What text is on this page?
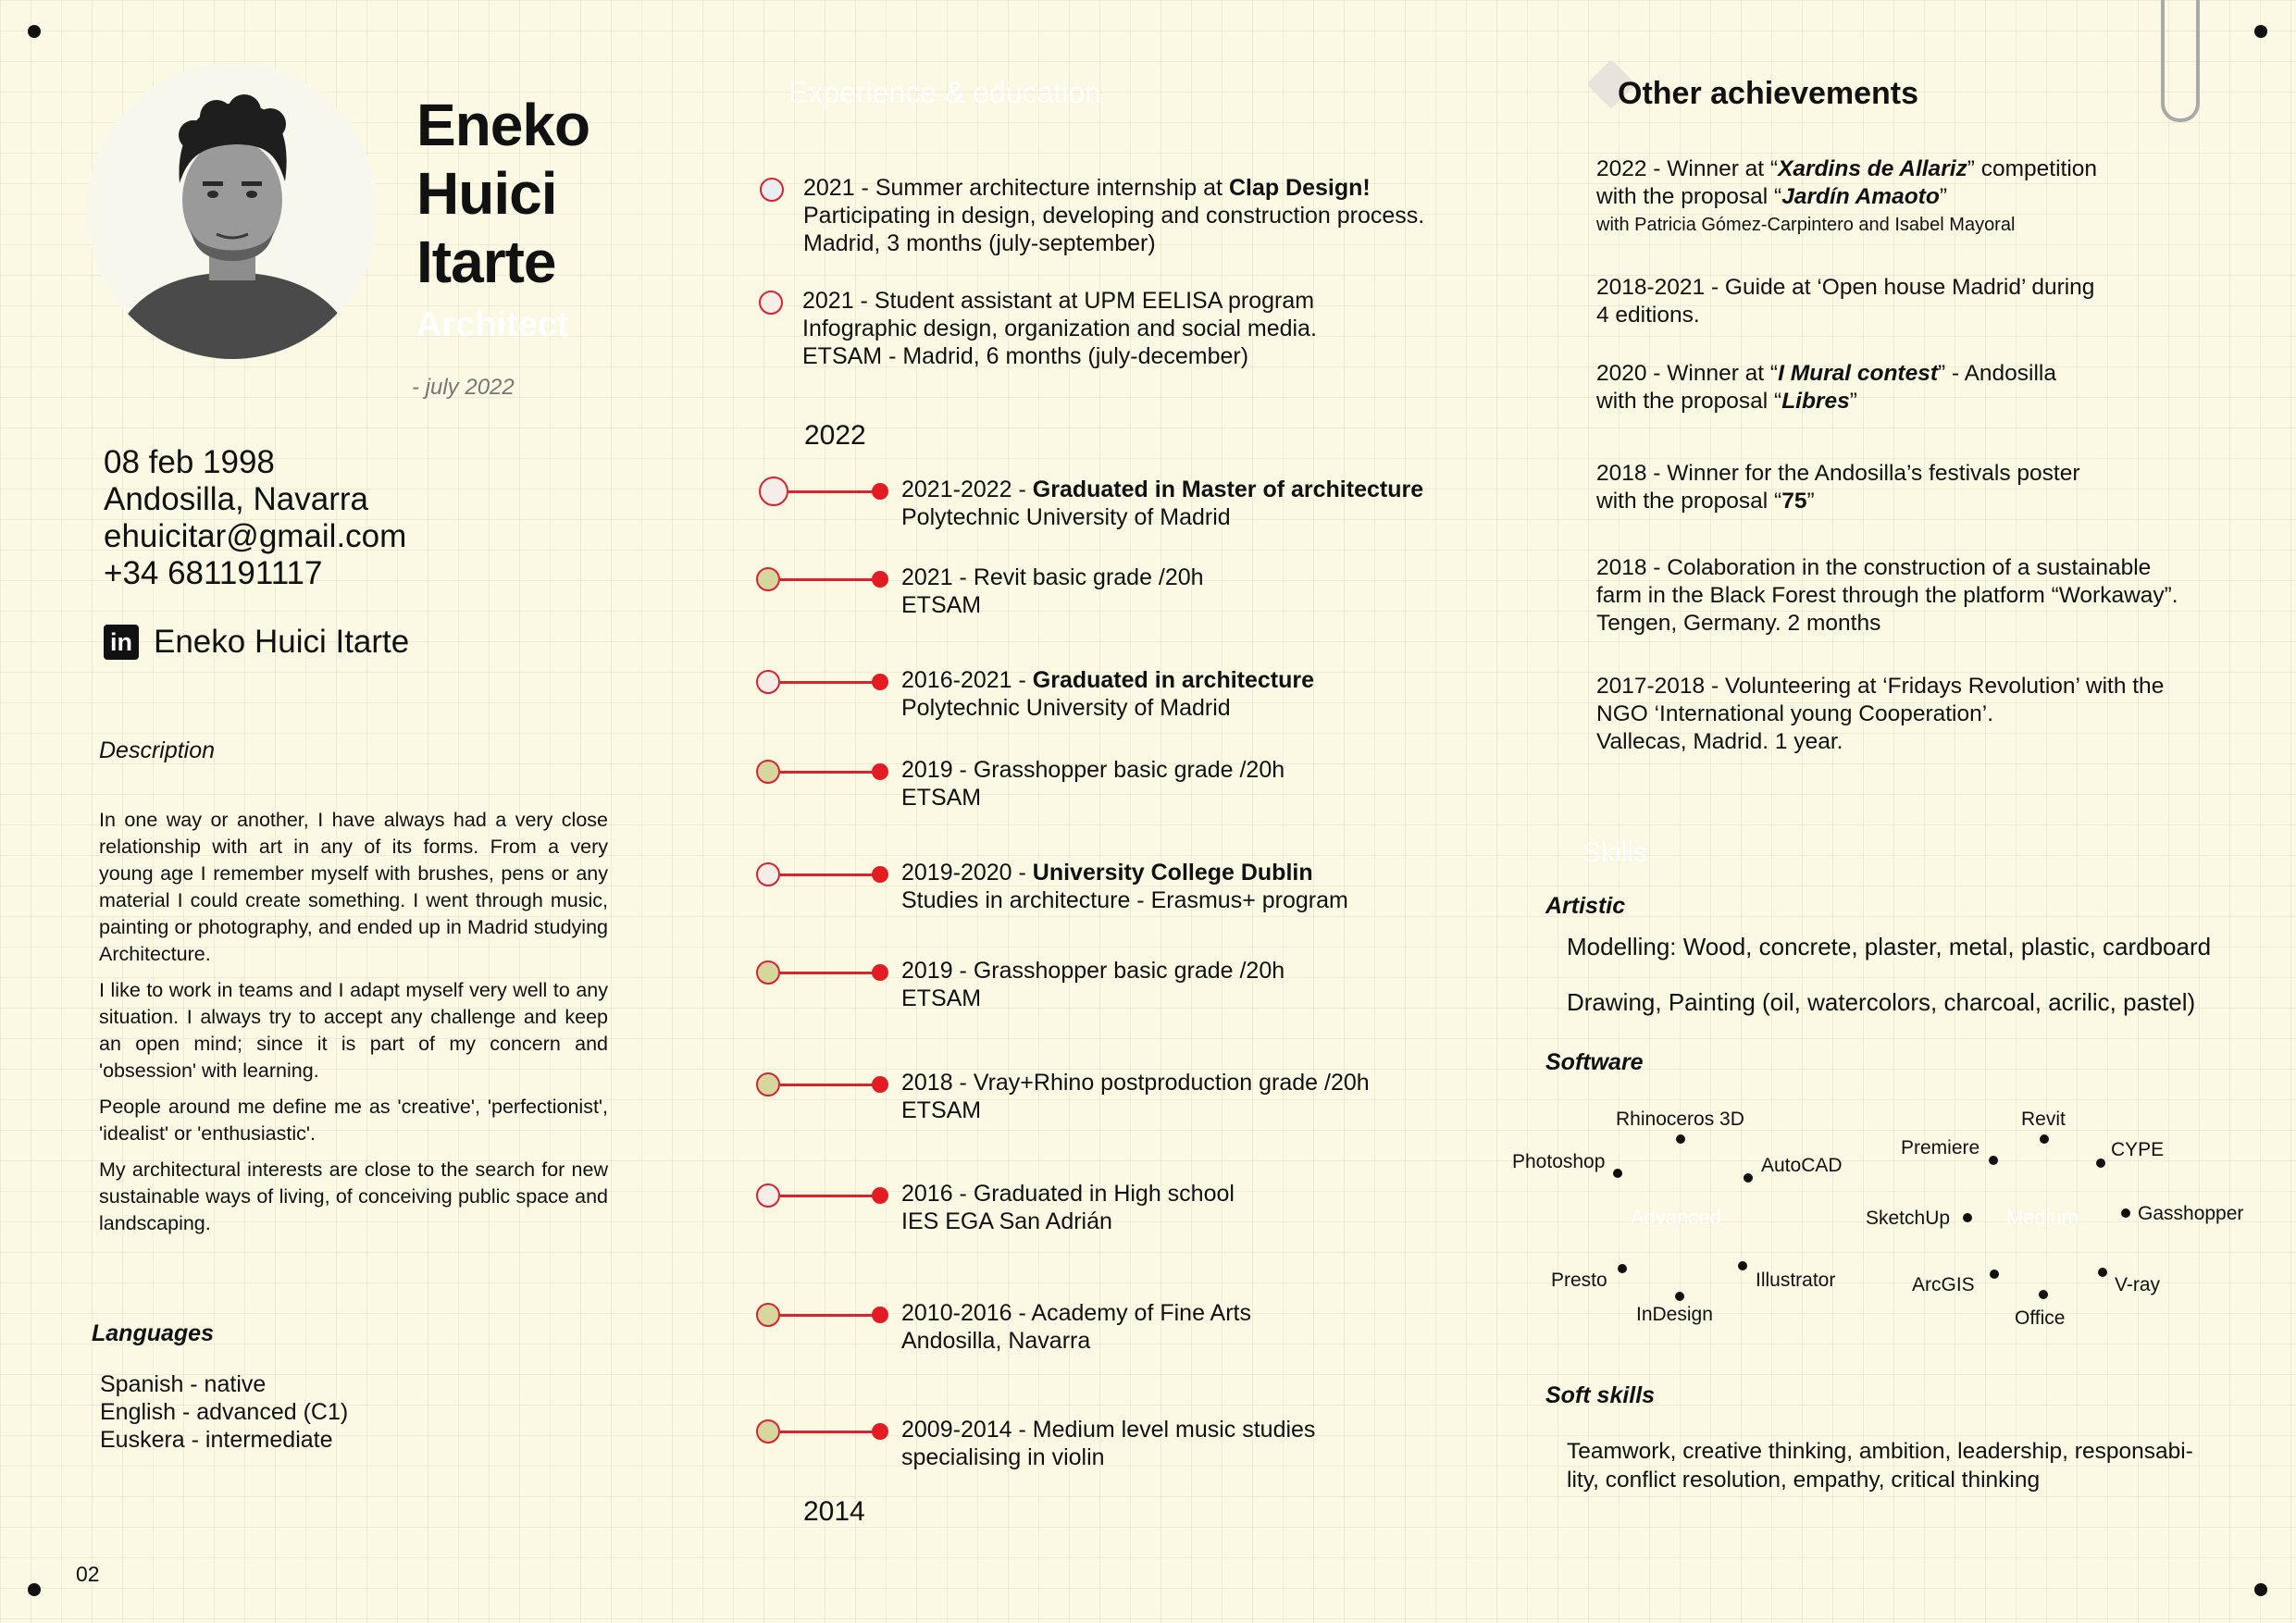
02
Eneko
Huici
Itarte
Architect
- july 2022
08 feb 1998
Andosilla, Navarra
ehuicitar@gmail.com
+34 681191117
in Eneko Huici Itarte
Description

In one way or another, I have always had a very close relationship with art in any of its forms. From a very young age I remember myself with brushes, pens or any material I could create something. I went through music, painting or photography, and ended up in Madrid studying Architecture.

I like to work in teams and I adapt myself very well to any situation. I always try to accept any challenge and keep an open mind; since it is part of my concern and 'obsession' with learning.

People around me define me as 'creative', 'perfectionist', 'idealist' or 'enthusiastic'.

My architectural interests are close to the search for new sustainable ways of living, of conceiving public space and landscaping.

Languages
Spanish - native
English - advanced (C1)
Euskera - intermediate
Experience & education
2021 - Summer architecture internship at Clap Design!
Participating in design, developing and construction process.
Madrid, 3 months (july-september)
2021 - Student assistant at UPM EELISA program
Infographic design, organization and social media.
ETSAM - Madrid, 6 months (july-december)
2022
2014
2021-2022 - Graduated in Master of architecture
Polytechnic University of Madrid
2021 - Revit basic grade /20h
ETSAM
2016-2021 - Graduated in architecture
Polytechnic University of Madrid
2019 - Grasshopper basic grade /20h
ETSAM
2019-2020 - University College Dublin
Studies in architecture - Erasmus+ program
2019 - Grasshopper basic grade /20h
ETSAM
2018 - Vray+Rhino postproduction grade /20h
ETSAM
2016 - Graduated in High school
IES EGA San Adrián
2010-2016 - Academy of Fine Arts
Andosilla, Navarra
2009-2014 - Medium level music studies
specialising in violin
Other achievements
2022 - Winner at “Xardins de Allariz” competition
with the proposal “Jardín Amaoto”
with Patricia Gómez-Carpintero and Isabel Mayoral
2018-2021 - Guide at ‘Open house Madrid’ during
4 editions.
2020 - Winner at “I Mural contest” - Andosilla
with the proposal “Libres”
2018 - Winner for the Andosilla’s festivals poster
with the proposal “75”
2018 - Colaboration in the construction of a sustainable
farm in the Black Forest through the platform “Workaway”.
Tengen, Germany. 2 months
2017-2018 - Volunteering at ‘Fridays Revolution’ with the
NGO ‘International young Cooperation’.
Vallecas, Madrid. 1 year.
Skills
Artistic
Modelling: Wood, concrete, plaster, metal, plastic, cardboard
Drawing, Painting (oil, watercolors, charcoal, acrilic, pastel)
Software
Advanced	Medium
Rhinoceros 3D
AutoCAD
Photoshop
Presto
InDesign
Illustrator
Revit
CYPE
Premiere
SketchUp	Gasshopper
ArcGIS
Office
V-ray
Soft skills
Teamwork, creative thinking, ambition, leadership, responsabi-lity, conflict resolution, empathy, critical thinking
